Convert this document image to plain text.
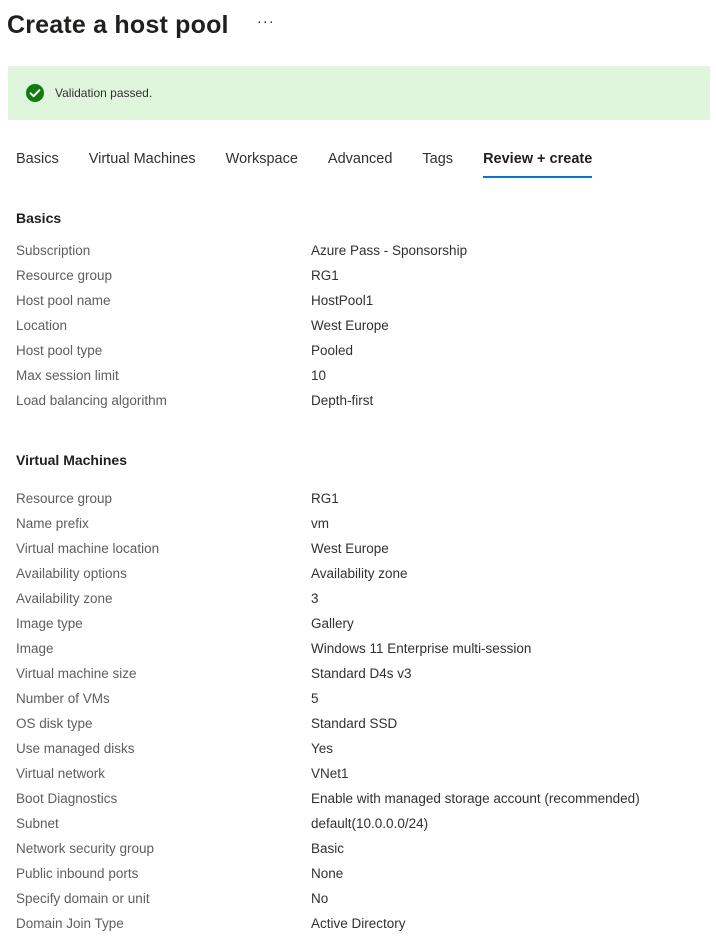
Create a host pool ···
Validation passed.
Basics Virtual Machines Workspace Advanced Tags Review + create
Basics
Subscription	Azure Pass - Sponsorship
Resource group	RG1
Host pool name	HostPool1
Location	West Europe
Host pool type	Pooled
Max session limit	10
Load balancing algorithm	Depth-first
Virtual Machines
Resource group	RG1
Name prefix	vm
Virtual machine location	West Europe
Availability options	Availability zone
Availability zone	3
Image type	Gallery
Image	Windows 11 Enterprise multi-session
Virtual machine size	Standard D4s v3
Number of VMs	5
OS disk type	Standard SSD
Use managed disks	Yes
Virtual network	VNet1
Boot Diagnostics	Enable with managed storage account (recommended)
Subnet	default(10.0.0.0/24)
Network security group	Basic
Public inbound ports	None
Specify domain or unit	No
Domain Join Type	Active Directory
